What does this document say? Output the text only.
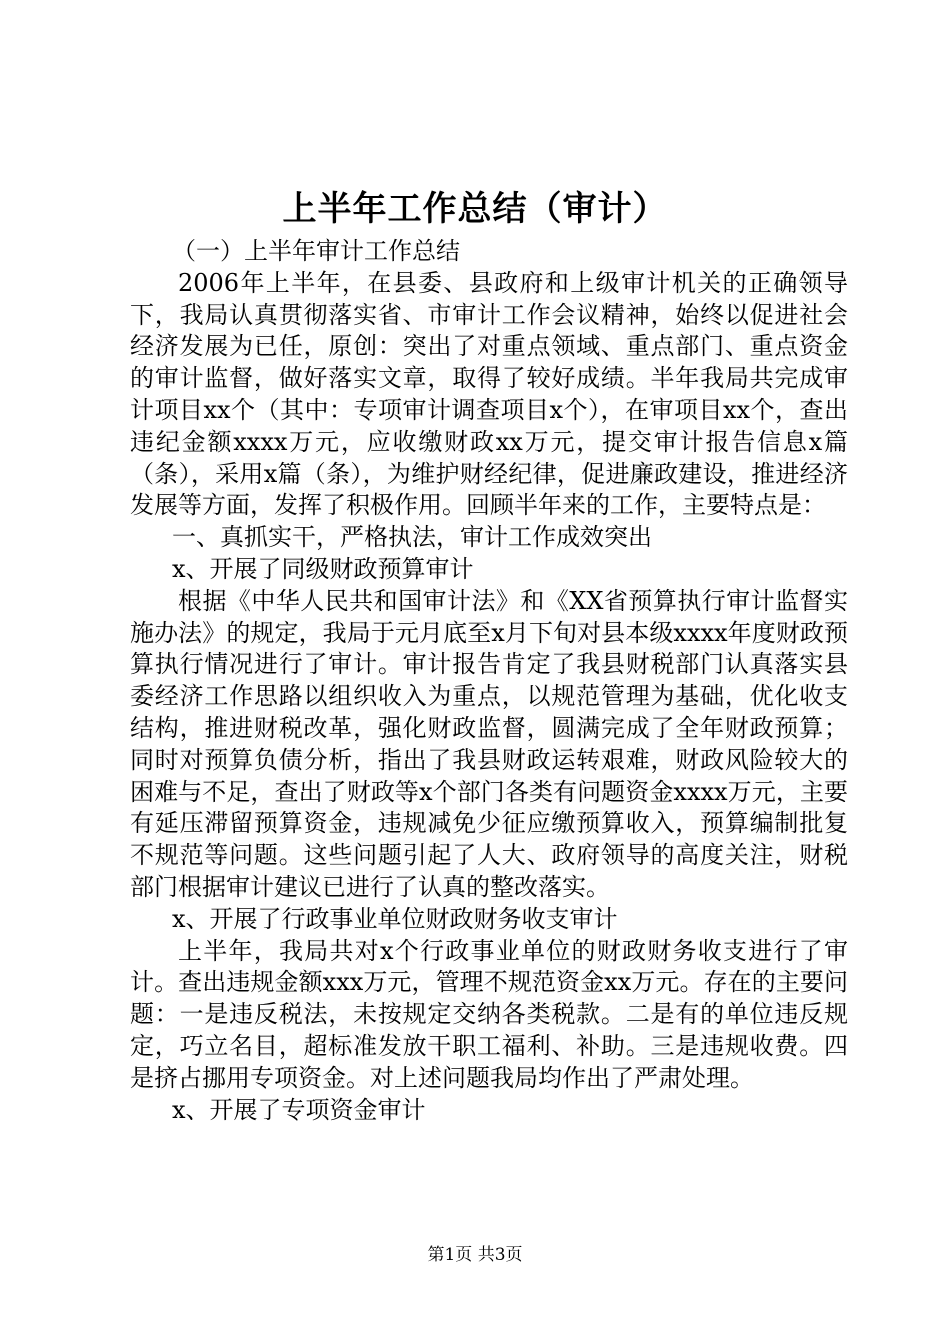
上半年工作总结（审计）

（一）上半年审计工作总结

2006年上半年，在县委、县政府和上级审计机关的正确领导下，我局认真贯彻落实省、市审计工作会议精神，始终以促进社会经济发展为已任，原创：突出了对重点领域、重点部门、重点资金的审计监督，做好落实文章，取得了较好成绩。半年我局共完成审计项目xx个（其中：专项审计调查项目x个），在审项目xx个，查出违纪金额xxxx万元，应收缴财政xx万元，提交审计报告信息x篇（条），采用x篇（条），为维护财经纪律，促进廉政建设，推进经济发展等方面，发挥了积极作用。回顾半年来的工作，主要特点是：

一、真抓实干，严格执法，审计工作成效突出

x、开展了同级财政预算审计

根据《中华人民共和国审计法》和《XX省预算执行审计监督实施办法》的规定，我局于元月底至x月下旬对县本级xxxx年度财政预算执行情况进行了审计。审计报告肯定了我县财税部门认真落实县委经济工作思路以组织收入为重点，以规范管理为基础，优化收支结构，推进财税改革，强化财政监督，圆满完成了全年财政预算；同时对预算负债分析，指出了我县财政运转艰难，财政风险较大的困难与不足，查出了财政等x个部门各类有问题资金xxxx万元，主要有延压滞留预算资金，违规减免少征应缴预算收入，预算编制批复不规范等问题。这些问题引起了人大、政府领导的高度关注，财税部门根据审计建议已进行了认真的整改落实。

x、开展了行政事业单位财政财务收支审计

上半年，我局共对x个行政事业单位的财政财务收支进行了审计。查出违规金额xxx万元，管理不规范资金xx万元。存在的主要问题：一是违反税法，未按规定交纳各类税款。二是有的单位违反规定，巧立名目，超标准发放干职工福利、补助。三是违规收费。四是挤占挪用专项资金。对上述问题我局均作出了严肃处理。

x、开展了专项资金审计

第1页 共3页
